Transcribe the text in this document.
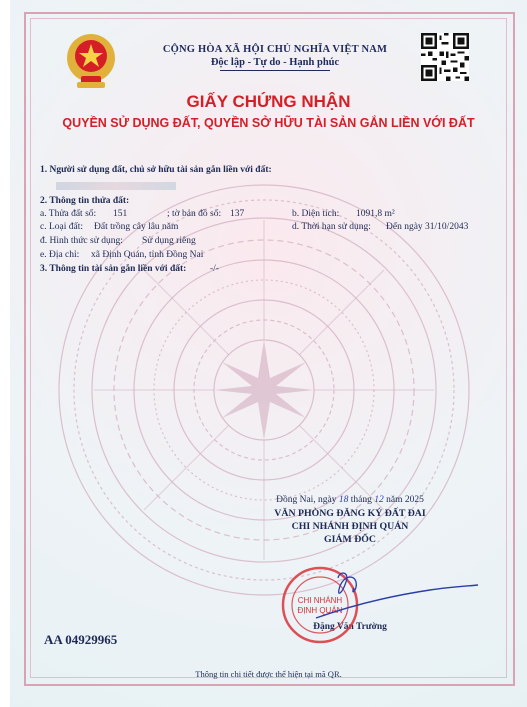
CỘNG HÒA XÃ HỘI CHỦ NGHĨA VIỆT NAM
Độc lập - Tự do - Hạnh phúc
GIẤY CHỨNG NHẬN
QUYỀN SỬ DỤNG ĐẤT, QUYỀN SỞ HỮU TÀI SẢN GẮN LIỀN VỚI ĐẤT
1. Người sử dụng đất, chủ sở hữu tài sản gắn liền với đất:
2. Thông tin thửa đất:
a. Thửa đất số: 151	; tờ bản đồ số: 137	b. Diện tích: 1091,8 m²
c. Loại đất: Đất trồng cây lâu năm	d. Thời hạn sử dụng: Đến ngày 31/10/2043
đ. Hình thức sử dụng: Sử dụng riêng
e. Địa chỉ: xã Định Quán, tỉnh Đồng Nai
3. Thông tin tài sản gắn liền với đất: -/-
Đồng Nai, ngày 18 tháng 12 năm 2025
VĂN PHÒNG ĐĂNG KÝ ĐẤT ĐAI
CHI NHÁNH ĐỊNH QUÁN
GIÁM ĐỐC
Đặng Văn Trường
CHI NHÁNH
ĐỊNH QUÁN
AA 04929965
Thông tin chi tiết được thể hiện tại mã QR.
